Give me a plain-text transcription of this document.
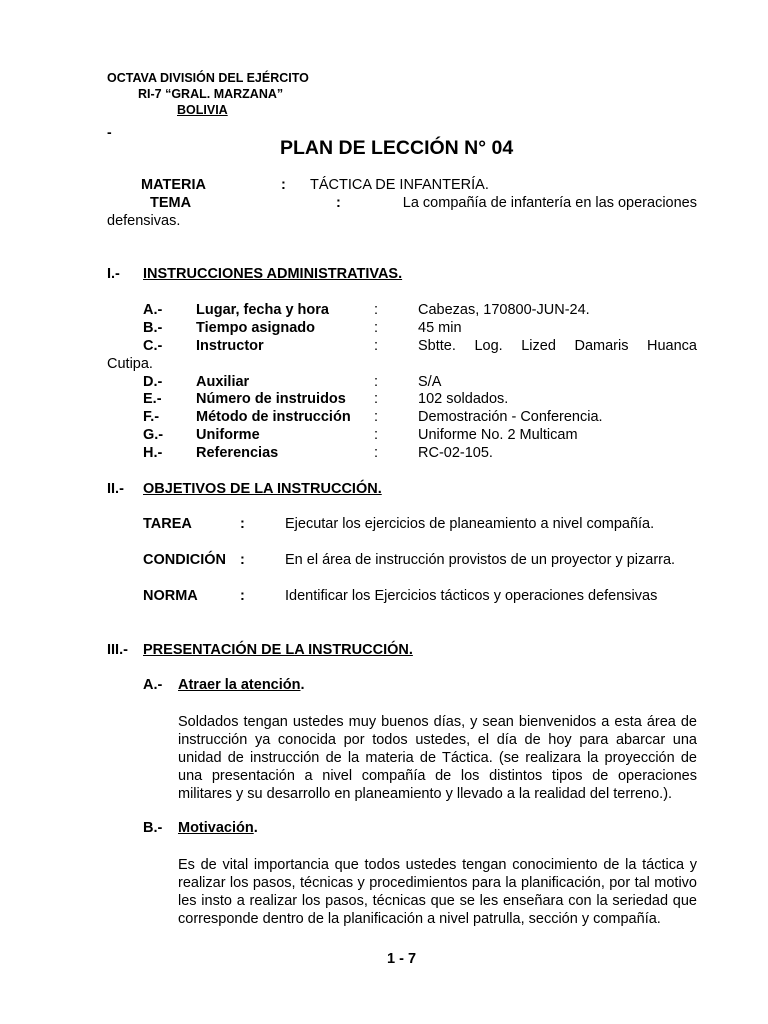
OCTAVA DIVISIÓN DEL EJÉRCITO
RI-7 “GRAL. MARZANA”
BOLIVIA
-
PLAN DE LECCIÓN N° 04
MATERIA	: TÁCTICA DE INFANTERÍA.
TEMA	:	La compañía de infantería en las operaciones
defensivas.
I.- INSTRUCCIONES ADMINISTRATIVAS.
A.- Lugar, fecha y hora	:	Cabezas, 170800-JUN-24.
B.- Tiempo asignado	:	45 min
C.- Instructor	:	Sbtte. Log. Lized Damaris Huanca
Cutipa.
D.- Auxiliar	:	S/A
E.- Número de instruidos :	102 soldados.
F.-	Método de instrucción :	Demostración - Conferencia.
G.- Uniforme	:	Uniforme No. 2 Multicam
H.- Referencias	:	RC-02-105.
II.- OBJETIVOS DE LA INSTRUCCIÓN.
TAREA	:	Ejecutar los ejercicios de planeamiento a nivel compañía.
CONDICIÓN :	En el área de instrucción provistos de un proyector y pizarra.
NORMA	:	Identificar los Ejercicios tácticos y operaciones defensivas
III.- PRESENTACIÓN DE LA INSTRUCCIÓN.
A.- Atraer la atención.
Soldados tengan ustedes muy buenos días, y sean bienvenidos a esta área de instrucción ya conocida por todos ustedes, el día de hoy para abarcar una unidad de instrucción de la materia de Táctica. (se realizara la proyección de una presentación a nivel compañía de los distintos tipos de operaciones militares y su desarrollo en planeamiento y llevado a la realidad del terreno.).
B.- Motivación.
Es de vital importancia que todos ustedes tengan conocimiento de la táctica y realizar los pasos, técnicas y procedimientos para la planificación, por tal motivo les insto a realizar los pasos, técnicas que se les enseñara con la seriedad que corresponde dentro de la planificación a nivel patrulla, sección y compañía.
1 - 7
